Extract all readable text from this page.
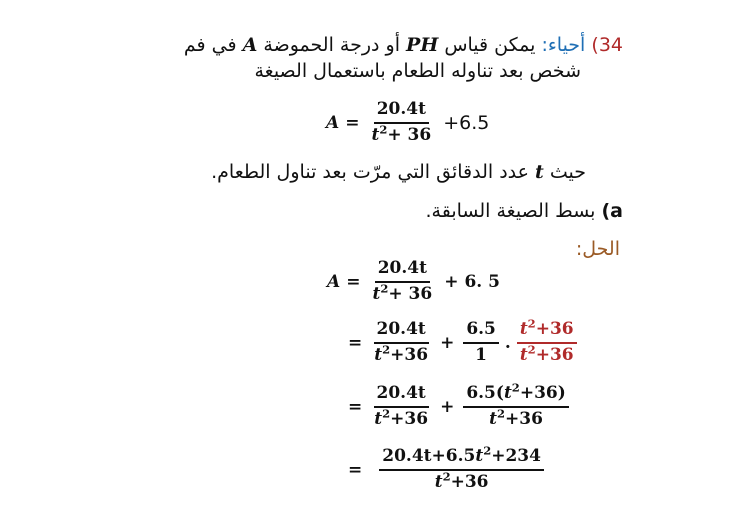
34) أحياء: يمكن قياس PH أو درجة الحموضة A في فم
شخص بعد تناوله الطعام باستعمال الصيغة
$A = \frac{20.4t}{t^2+ 36} +6.5$
حيث t عدد الدقائق التي مرّت بعد تناول الطعام.
a) بسط الصيغة السابقة.
الحل:
$A = \frac{20.4t}{t^2+ 36} + 6$. 5
= $\frac{20.4t}{t^2+36} + \frac{6.5}{1}$ . $\frac{t^2+36}{t^2+36}$
= $\frac{20.4t}{t^2+36} + \frac{6.5(t^2+36)}{t^2+36}$
= $\frac{20.4t+6.5t^2+234}{t^2+36}$
